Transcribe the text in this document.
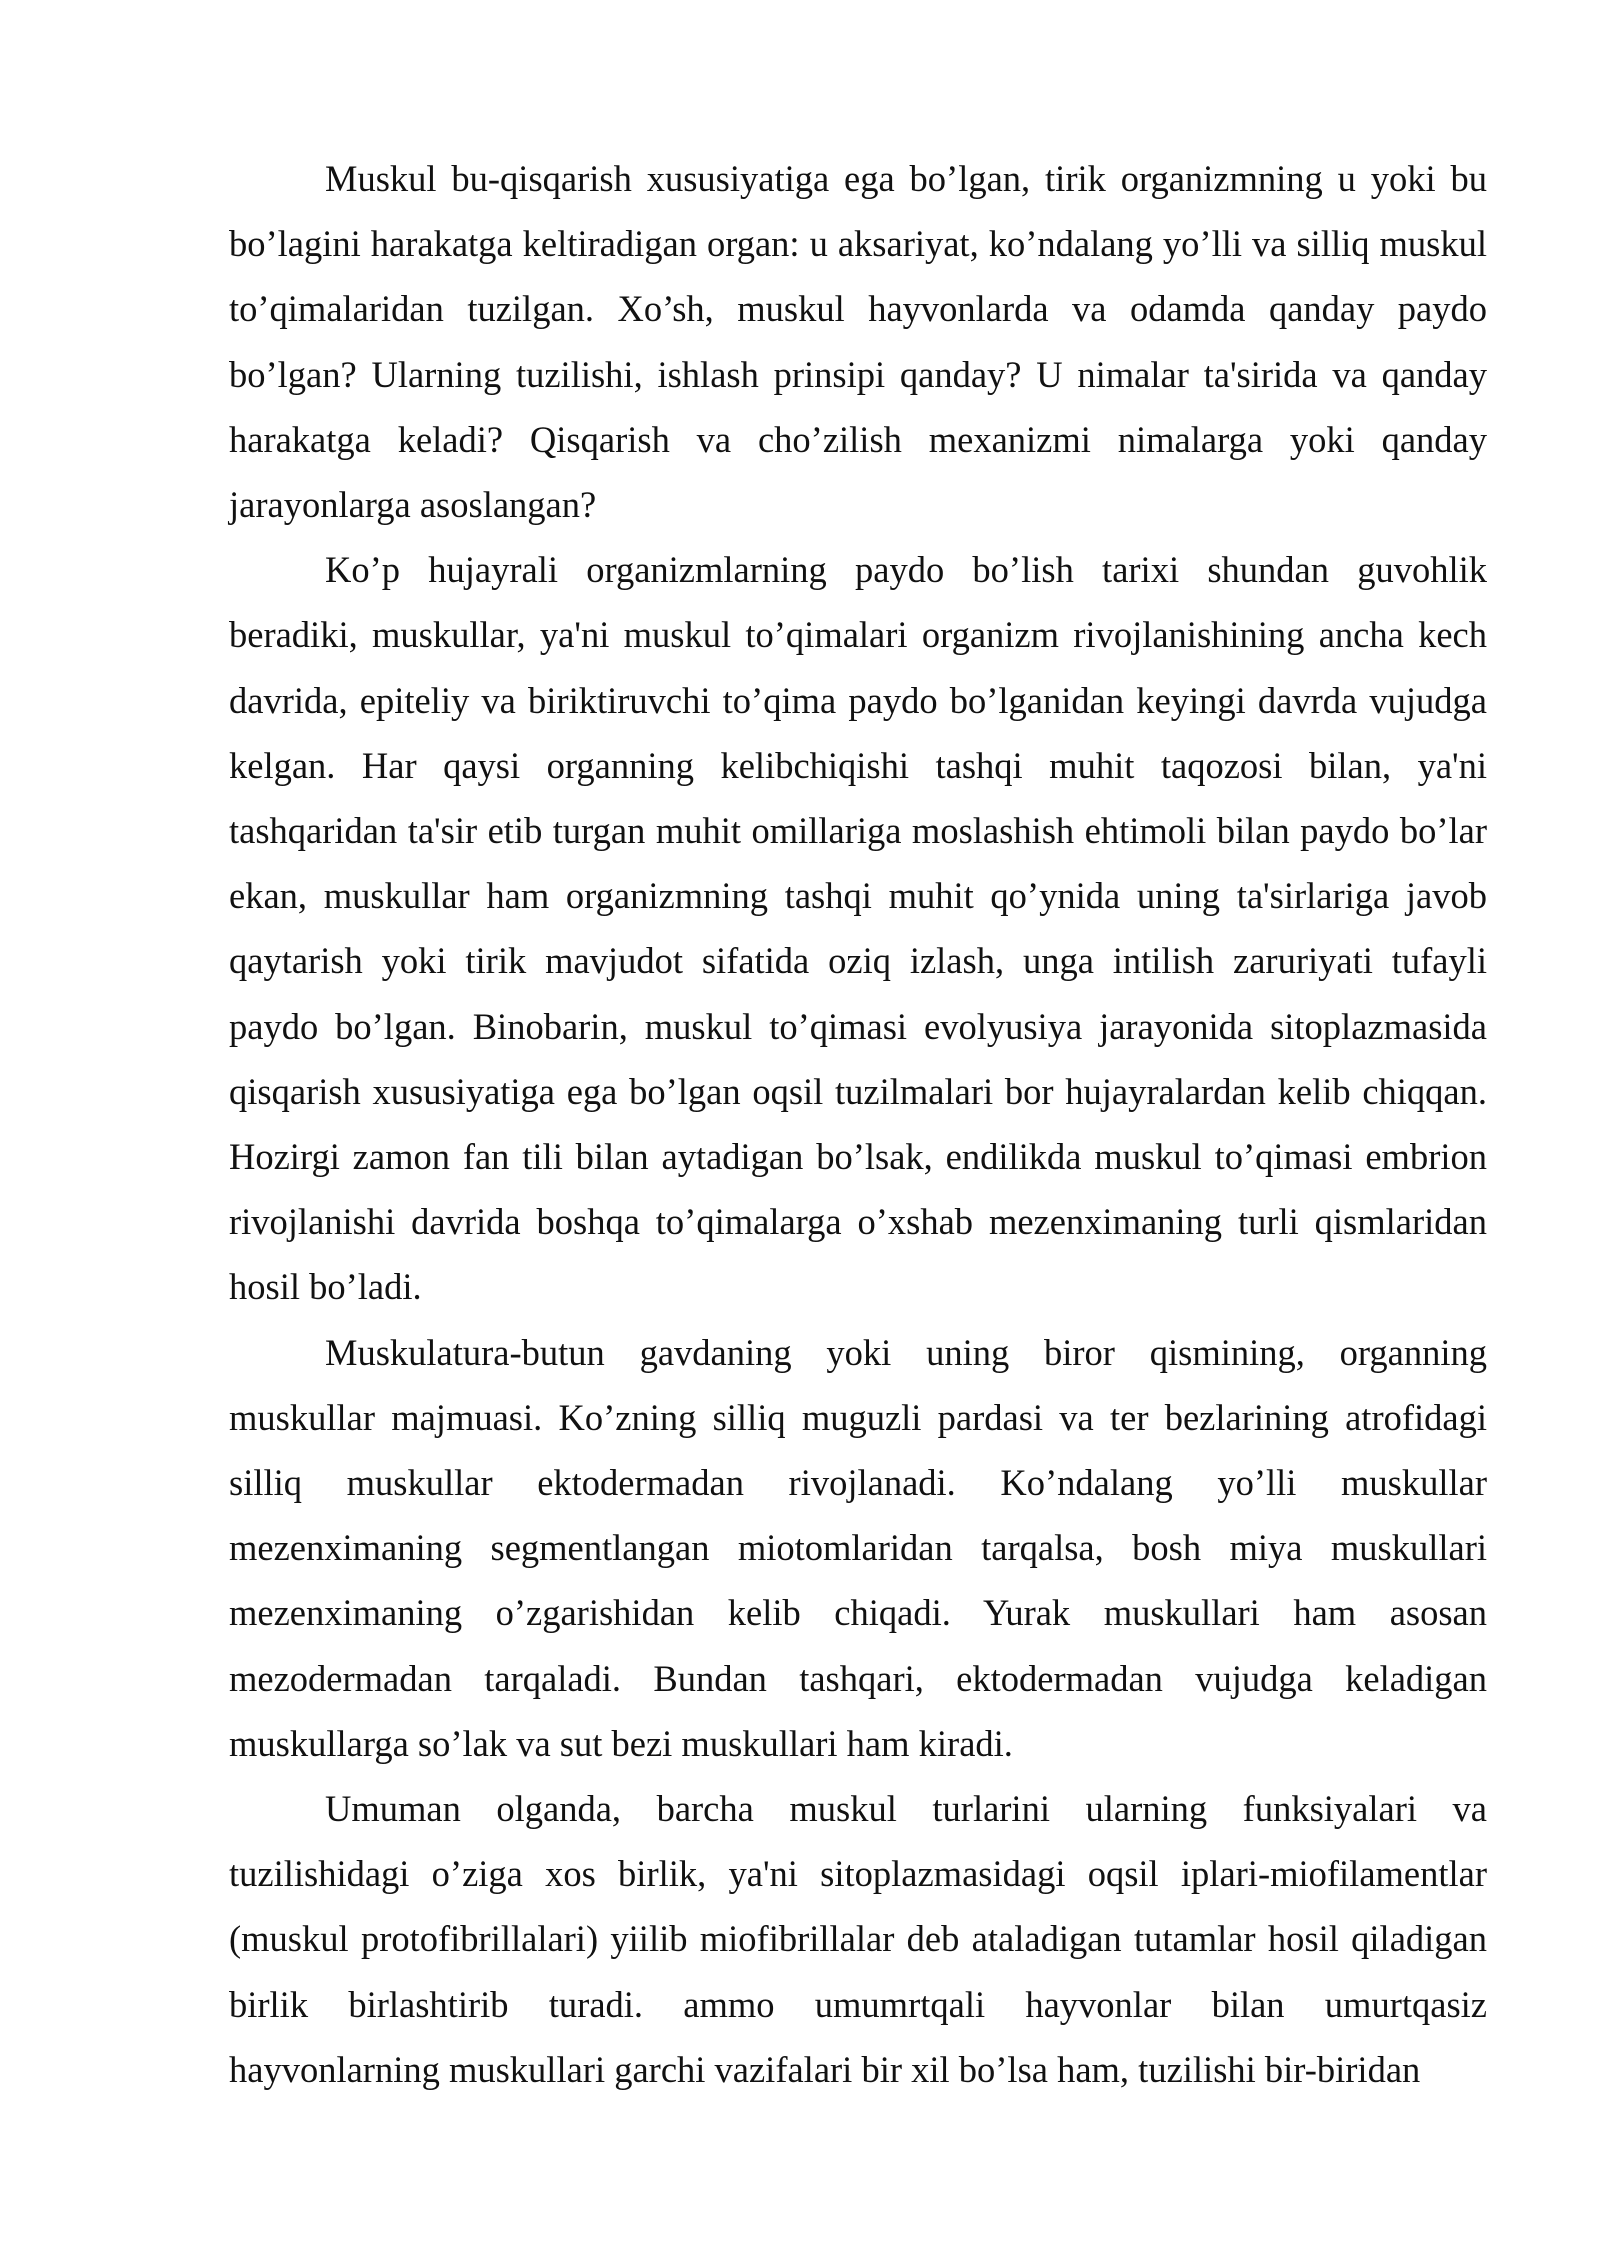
Muskul bu-qisqarish xususiyatiga ega bo’lgan, tirik organizmning u yoki bu bo’lagini harakatga keltiradigan organ: u aksariyat, ko’ndalang yo’lli va silliq muskul to’qimalaridan tuzilgan. Xo’sh, muskul hayvonlarda va odamda qanday paydo bo’lgan? Ularning tuzilishi, ishlash prinsipi qanday? U nimalar ta'sirida va qanday harakatga keladi? Qisqarish va cho’zilish mexanizmi nimalarga yoki qanday jarayonlarga asoslangan?

Ko’p hujayrali organizmlarning paydo bo’lish tarixi shundan guvohlik beradiki, muskullar, ya'ni muskul to’qimalari organizm rivojlanishining ancha kech davrida, epiteliy va biriktiruvchi to’qima paydo bo’lganidan keyingi davrda vujudga kelgan. Har qaysi organning kelibchiqishi tashqi muhit taqozosi bilan, ya'ni tashqaridan ta'sir etib turgan muhit omillariga moslashish ehtimoli bilan paydo bo’lar ekan, muskullar ham organizmning tashqi muhit qo’ynida uning ta'sirlariga javob qaytarish yoki tirik mavjudot sifatida oziq izlash, unga intilish zaruriyati tufayli paydo bo’lgan. Binobarin, muskul to’qimasi evolyusiya jarayonida sitoplazmasida qisqarish xususiyatiga ega bo’lgan oqsil tuzilmalari bor hujayralardan kelib chiqqan. Hozirgi zamon fan tili bilan aytadigan bo’lsak, endilikda muskul to’qimasi embrion rivojlanishi davrida boshqa to’qimalarga o’xshab mezenximaning turli qismlaridan hosil bo’ladi.

Muskulatura-butun gavdaning yoki uning biror qismining, organning muskullar majmuasi. Ko’zning silliq muguzli pardasi va ter bezlarining atrofidagi silliq muskullar ektodermadan rivojlanadi. Ko’ndalang yo’lli muskullar mezenximaning segmentlangan miotomlaridan tarqalsa, bosh miya muskullari mezenximaning o’zgarishidan kelib chiqadi. Yurak muskullari ham asosan mezodermadan tarqaladi. Bundan tashqari, ektodermadan vujudga keladigan muskullarga so’lak va sut bezi muskullari ham kiradi.

Umuman olganda, barcha muskul turlarini ularning funksiyalari va tuzilishidagi o’ziga xos birlik, ya'ni sitoplazmasidagi oqsil iplari-miofilamentlar (muskul protofibrillalari) yiilib miofibrillalar deb ataladigan tutamlar hosil qiladigan birlik birlashtirib turadi. ammo umumrtqali hayvonlar bilan umurtqasiz hayvonlarning muskullari garchi vazifalari bir xil bo’lsa ham, tuzilishi bir-biridan
